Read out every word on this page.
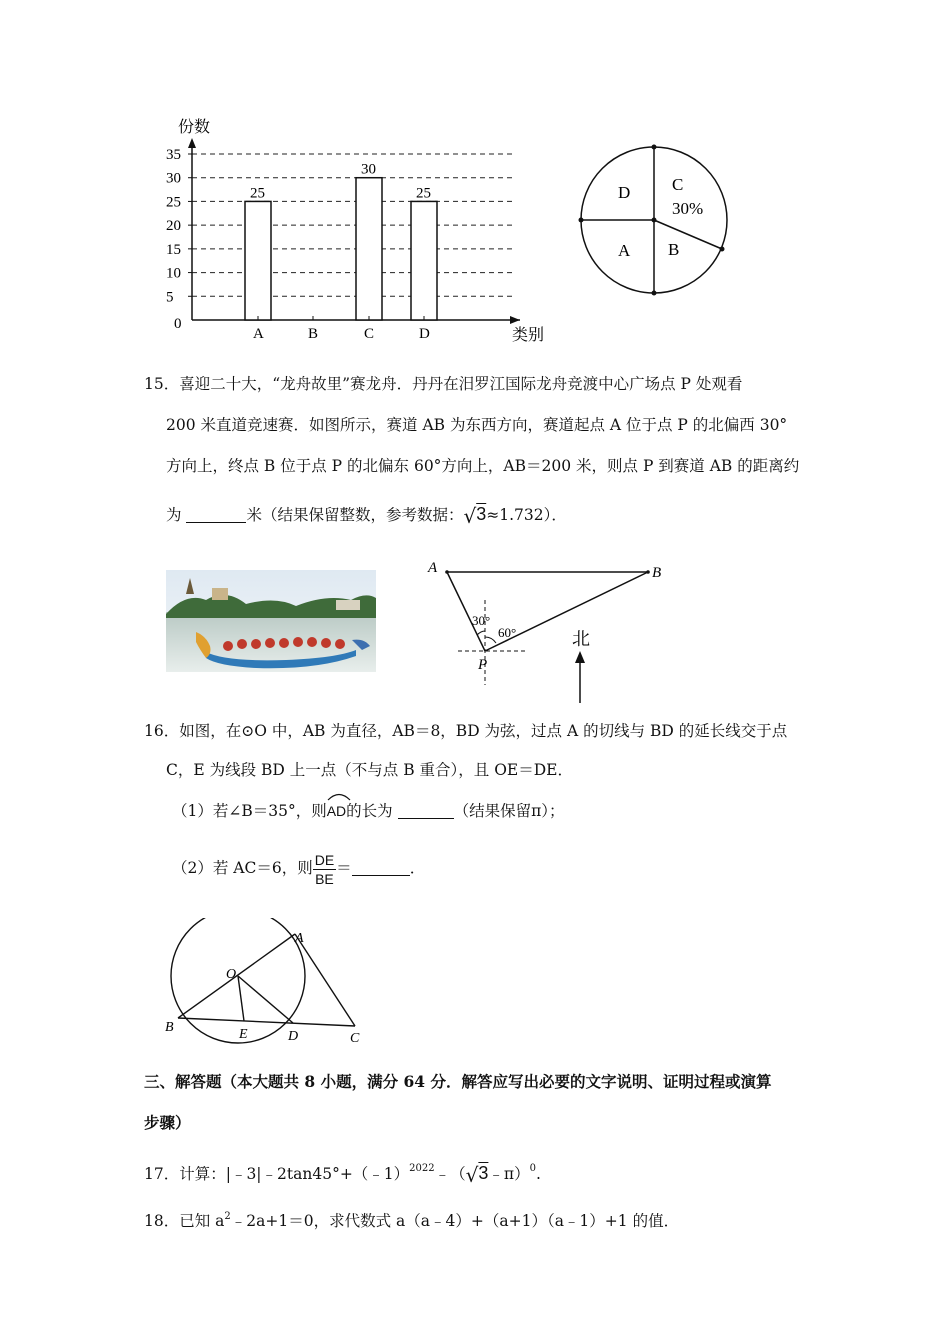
份数
类别
0
5
10
15
20
25
30
35
25
30
25
A	B	C	D
C
30%
B
A
D
15．喜迎二十大，“龙舟故里”赛龙舟．丹丹在汨罗江国际龙舟竞渡中心广场点 P 处观看
200 米直道竞速赛．如图所示，赛道 AB 为东西方向，赛道起点 A 位于点 P 的北偏西 30°
方向上，终点 B 位于点 P 的北偏东 60°方向上，AB＝200 米，则点 P 到赛道 AB 的距离约
为	米（结果保留整数，参考数据：√3≈1.732）．
A	B
P
30°
60°	北
16．如图，在⊙O 中，AB 为直径，AB＝8，BD 为弦，过点 A 的切线与 BD 的延长线交于点
C，E 为线段 BD 上一点（不与点 B 重合），且 OE＝DE．
（1）若∠B＝35°，则
AD的长为	（结果保留π）；
（2）若 AC＝6，则 $\frac{DE}{BE}$ ＝	．
A
O
B	E	D	C
三、解答题（本大题共 8 小题，满分 64 分．解答应写出必要的文字说明、证明过程或演算
步骤）
17．计算：|﹣3|﹣2tan45°+（﹣1）$^{2022}$﹣（√3﹣π）$^0$.
18．已知 $a^2﹣2a+1=0$，求代数式 a（a﹣4）+（a+1）（a﹣1）+1 的值．
